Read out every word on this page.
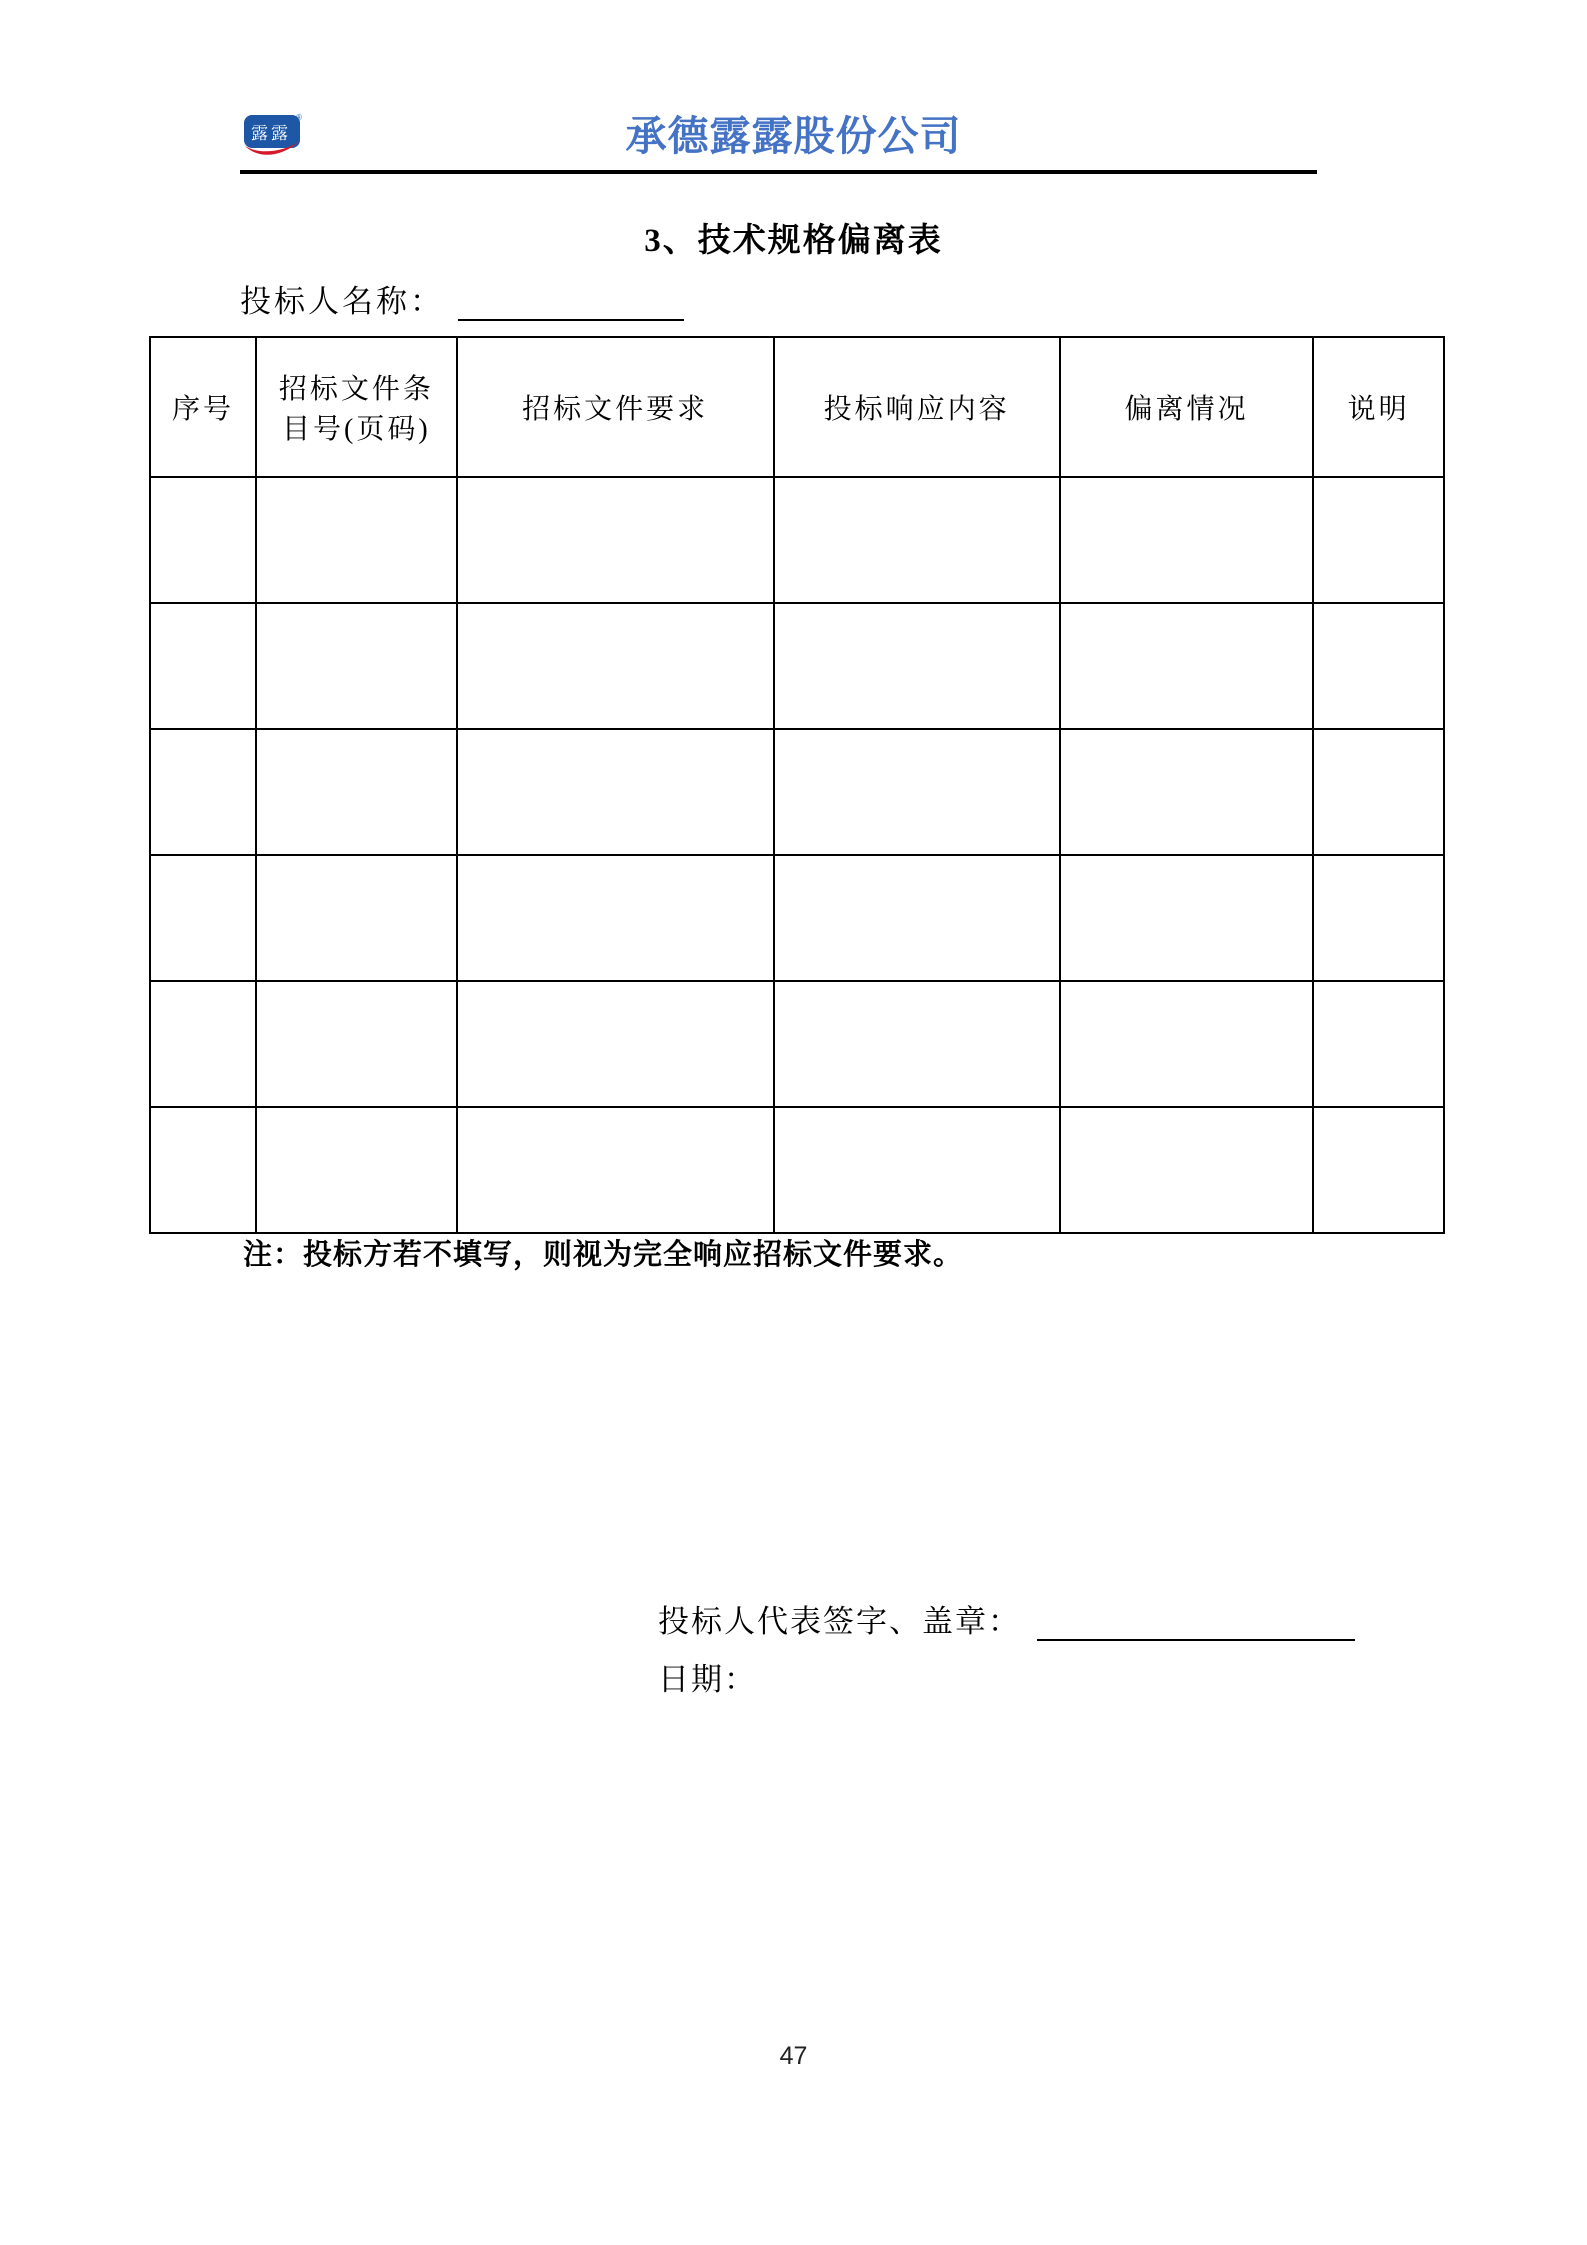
露露
®	承德露露股份公司
3、技术规格偏离表
投标人名称：
序号	招标文件条目号(页码)	招标文件要求	投标响应内容	偏离情况	说明

注：投标方若不填写，则视为完全响应招标文件要求。
投标人代表签字、盖章：
日期：
47
